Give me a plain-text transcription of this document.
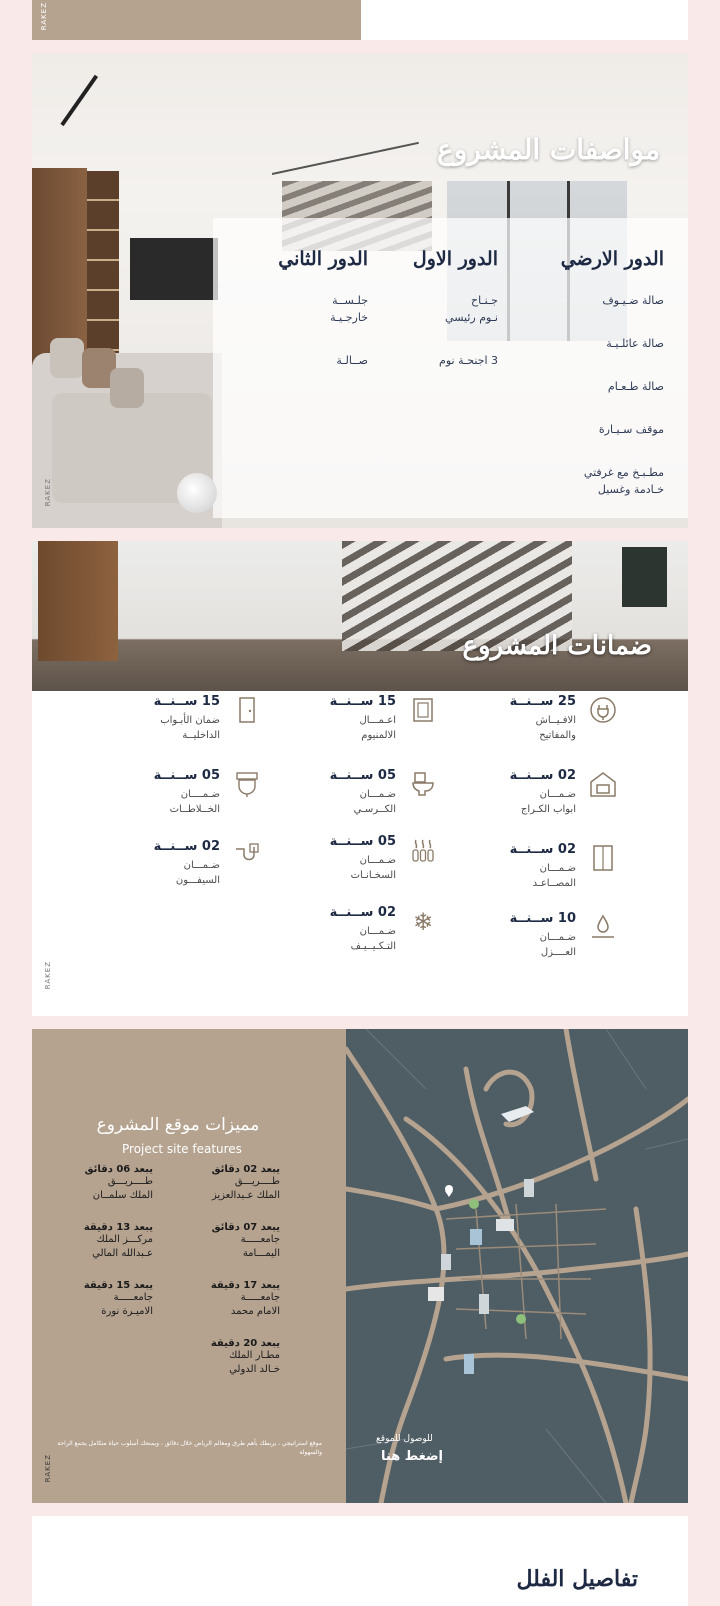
RAKEZ
RAKEZ
مواصفات المشروع
الدور الارضي
صالة ضـيـوف
صالة عائلـيـة
صالة طـعـام
موقف سـيـارة
مطـبـخ مع غرفتي
خـادمة وغسيل
الدور الاول
جـنـاح
نـوم رئيسي
3 اجنحـة نوم
الدور الثاني
جلـســة
خارجـيـة
صــالـة
ضمانات المشروع
25 ســنــة
الافـيــاش
والمفاتيح
02 ســنــة
ضـمـــان
ابواب الكـراج
02 ســنــة
ضـمـــان
المصــاعـد
10 ســنــة
ضـمـــان
العــــزل
15 ســنــة
اعـمـــال
الالمنيوم
05 ســنــة
ضـمـــان
الكــرسـي
05 ســنــة
ضـمـــان
السخـانـات
❄
02 ســنــة
ضـمـــان
التـكـيــيـف
15 ســنــة
ضمان الأبـواب
الداخليــة
05 ســنــة
ضـمــــان
الخــلاطــات
02 ســنــة
ضـمـــان
السيفـــون
RAKEZ
مميزات موقع المشروع
Project site features
يبعد 02 دقائق
طــــريـــق
الملك عـبدالعزيز
يبعد 06 دقائق
طــــريـــق
الملك سلمــان
يبعد 07 دقائق
جامعـــــة
اليمـــامة
يبعد 13 دقيقة
مركـــز الملك
عـبدالله المالي
يبعد 17 دقيقة
جامعـــــة
الامام محمد
يبعد 15 دقيقة
جامعـــــة
الاميـرة نورة
يبعد 20 دقيقة
مطـار الملك
خـالد الدولي
موقع استراتيجي ، يربطك بأهم طرق ومعالم الرياض خلال دقائق ، ويمنحك أسلوب حياة متكامل يجمع الراحة والسهولة
RAKEZ
للوصول للموقع
إضغط هنا
تفاصيل الفلل
